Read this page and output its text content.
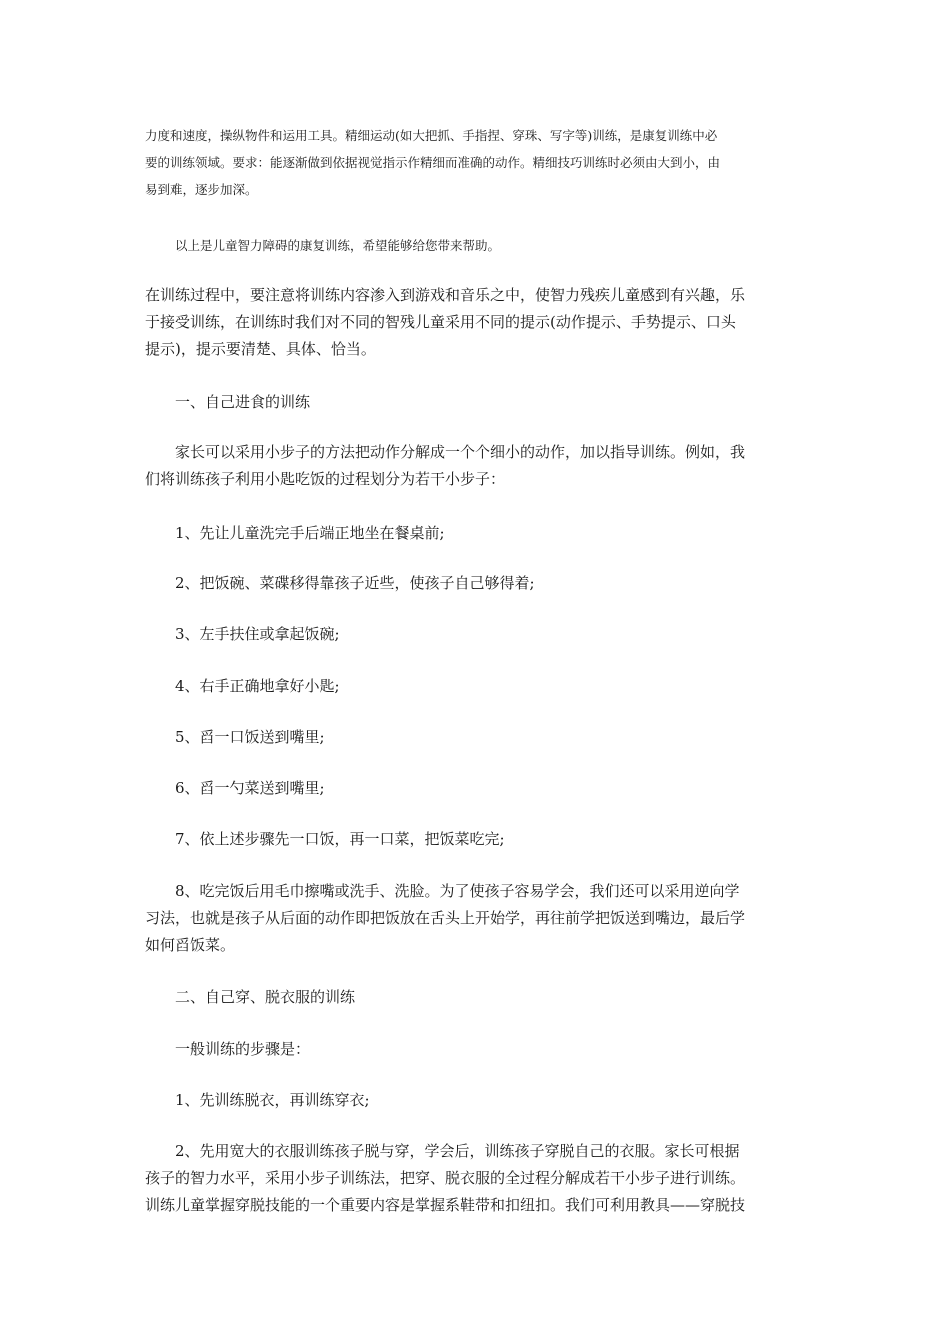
力度和速度，操纵物件和运用工具。精细运动(如大把抓、手指捏、穿珠、写字等)训练，是康复训练中必
要的训练领域。要求：能逐渐做到依据视觉指示作精细而准确的动作。精细技巧训练时必须由大到小，由
易到难，逐步加深。
以上是儿童智力障碍的康复训练，希望能够给您带来帮助。
在训练过程中，要注意将训练内容渗入到游戏和音乐之中，使智力残疾儿童感到有兴趣，乐
于接受训练，在训练时我们对不同的智残儿童采用不同的提示(动作提示、手势提示、口头
提示)，提示要清楚、具体、恰当。
一、自己进食的训练
家长可以采用小步子的方法把动作分解成一个个细小的动作，加以指导训练。例如，我
们将训练孩子利用小匙吃饭的过程划分为若干小步子：
1、先让儿童洗完手后端正地坐在餐桌前;
2、把饭碗、菜碟移得靠孩子近些，使孩子自己够得着;
3、左手扶住或拿起饭碗;
4、右手正确地拿好小匙;
5、舀一口饭送到嘴里;
6、舀一勺菜送到嘴里;
7、依上述步骤先一口饭，再一口菜，把饭菜吃完;
8、吃完饭后用毛巾擦嘴或洗手、洗脸。为了使孩子容易学会，我们还可以采用逆向学
习法，也就是孩子从后面的动作即把饭放在舌头上开始学，再往前学把饭送到嘴边，最后学
如何舀饭菜。
二、自己穿、脱衣服的训练
一般训练的步骤是：
1、先训练脱衣，再训练穿衣;
2、先用宽大的衣服训练孩子脱与穿，学会后，训练孩子穿脱自己的衣服。家长可根据
孩子的智力水平，采用小步子训练法，把穿、脱衣服的全过程分解成若干小步子进行训练。
训练儿童掌握穿脱技能的一个重要内容是掌握系鞋带和扣纽扣。我们可利用教具——穿脱技
